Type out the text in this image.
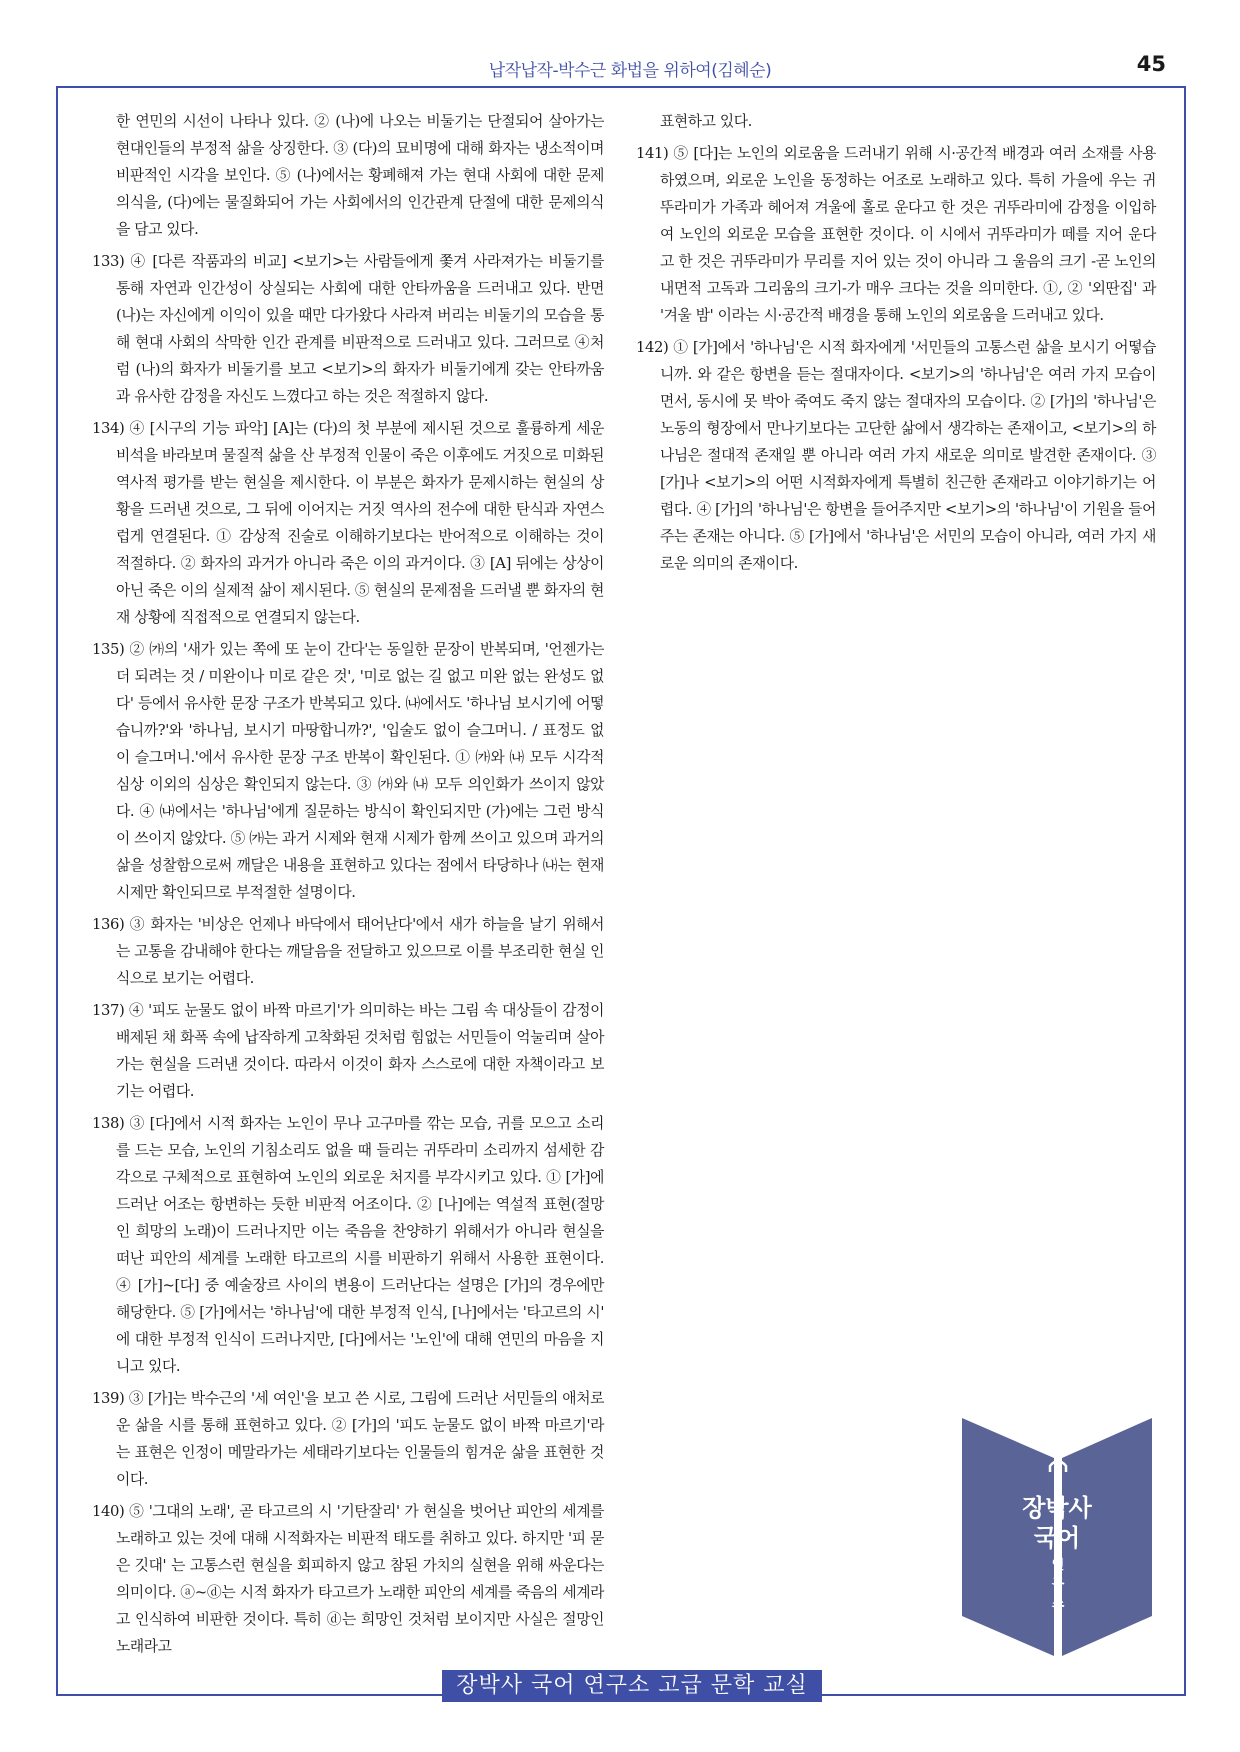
납작납작-박수근 화법을 위하여(김혜순)	45

한 연민의 시선이 나타나 있다. ② (나)에 나오는 비둘기는 단절되어 살아가는 현대인들의 부정적 삶을 상징한다. ③ (다)의 묘비명에 대해 화자는 냉소적이며 비판적인 시각을 보인다. ⑤ (나)에서는 황폐해져 가는 현대 사회에 대한 문제의식을, (다)에는 물질화되어 가는 사회에서의 인간관계 단절에 대한 문제의식을 담고 있다.

133) ④ [다른 작품과의 비교] <보기>는 사람들에게 쫓겨 사라져가는 비둘기를 통해 자연과 인간성이 상실되는 사회에 대한 안타까움을 드러내고 있다. 반면 (나)는 자신에게 이익이 있을 때만 다가왔다 사라져 버리는 비둘기의 모습을 통해 현대 사회의 삭막한 인간 관계를 비판적으로 드러내고 있다. 그러므로 ④처럼 (나)의 화자가 비둘기를 보고 <보기>의 화자가 비둘기에게 갖는 안타까움과 유사한 감정을 자신도 느꼈다고 하는 것은 적절하지 않다.

134) ④ [시구의 기능 파악] [A]는 (다)의 첫 부분에 제시된 것으로 훌륭하게 세운 비석을 바라보며 물질적 삶을 산 부정적 인물이 죽은 이후에도 거짓으로 미화된 역사적 평가를 받는 현실을 제시한다. 이 부분은 화자가 문제시하는 현실의 상황을 드러낸 것으로, 그 뒤에 이어지는 거짓 역사의 전수에 대한 탄식과 자연스럽게 연결된다. ① 감상적 진술로 이해하기보다는 반어적으로 이해하는 것이 적절하다. ② 화자의 과거가 아니라 죽은 이의 과거이다. ③ [A] 뒤에는 상상이 아닌 죽은 이의 실제적 삶이 제시된다. ⑤ 현실의 문제점을 드러낼 뿐 화자의 현재 상황에 직접적으로 연결되지 않는다.

135) ② ㈎의 '새가 있는 쪽에 또 눈이 간다'는 동일한 문장이 반복되며, '언젠가는 더 되려는 것 / 미완이나 미로 같은 것', '미로 없는 길 없고 미완 없는 완성도 없다' 등에서 유사한 문장 구조가 반복되고 있다. ㈏에서도 '하나님 보시기에 어떻습니까?'와 '하나님, 보시기 마땅합니까?', '입술도 없이 슬그머니. / 표정도 없이 슬그머니.'에서 유사한 문장 구조 반복이 확인된다. ① ㈎와 ㈏ 모두 시각적 심상 이외의 심상은 확인되지 않는다. ③ ㈎와 ㈏ 모두 의인화가 쓰이지 않았다. ④ ㈏에서는 '하나님'에게 질문하는 방식이 확인되지만 (가)에는 그런 방식이 쓰이지 않았다. ⑤ ㈎는 과거 시제와 현재 시제가 함께 쓰이고 있으며 과거의 삶을 성찰함으로써 깨달은 내용을 표현하고 있다는 점에서 타당하나 ㈏는 현재 시제만 확인되므로 부적절한 설명이다.

136) ③ 화자는 '비상은 언제나 바닥에서 태어난다'에서 새가 하늘을 날기 위해서는 고통을 감내해야 한다는 깨달음을 전달하고 있으므로 이를 부조리한 현실 인식으로 보기는 어렵다.

137) ④ '피도 눈물도 없이 바짝 마르기'가 의미하는 바는 그림 속 대상들이 감정이 배제된 채 화폭 속에 납작하게 고착화된 것처럼 힘없는 서민들이 억눌리며 살아가는 현실을 드러낸 것이다. 따라서 이것이 화자 스스로에 대한 자책이라고 보기는 어렵다.

138) ③ [다]에서 시적 화자는 노인이 무나 고구마를 깎는 모습, 귀를 모으고 소리를 드는 모습, 노인의 기침소리도 없을 때 들리는 귀뚜라미 소리까지 섬세한 감각으로 구체적으로 표현하여 노인의 외로운 처지를 부각시키고 있다. ① [가]에 드러난 어조는 항변하는 듯한 비판적 어조이다. ② [나]에는 역설적 표현(절망인 희망의 노래)이 드러나지만 이는 죽음을 찬양하기 위해서가 아니라 현실을 떠난 피안의 세계를 노래한 타고르의 시를 비판하기 위해서 사용한 표현이다. ④ [가]~[다] 중 예술장르 사이의 변용이 드러난다는 설명은 [가]의 경우에만 해당한다. ⑤ [가]에서는 '하나님'에 대한 부정적 인식, [나]에서는 '타고르의 시' 에 대한 부정적 인식이 드러나지만, [다]에서는 '노인'에 대해 연민의 마음을 지니고 있다.

139) ③ [가]는 박수근의 '세 여인'을 보고 쓴 시로, 그림에 드러난 서민들의 애처로운 삶을 시를 통해 표현하고 있다. ② [가]의 '피도 눈물도 없이 바짝 마르기'라는 표현은 인정이 메말라가는 세태라기보다는 인물들의 힘겨운 삶을 표현한 것이다.

140) ⑤ '그대의 노래', 곧 타고르의 시 '기탄잘리' 가 현실을 벗어난 피안의 세계를 노래하고 있는 것에 대해 시적화자는 비판적 태도를 취하고 있다. 하지만 '피 묻은 깃대' 는 고통스런 현실을 회피하지 않고 참된 가치의 실현을 위해 싸운다는 의미이다. ⓐ~ⓓ는 시적 화자가 타고르가 노래한 피안의 세계를 죽음의 세계라고 인식하여 비판한 것이다. 특히 ⓓ는 희망인 것처럼 보이지만 사실은 절망인 노래라고

표현하고 있다.

141) ⑤ [다]는 노인의 외로움을 드러내기 위해 시·공간적 배경과 여러 소재를 사용하였으며, 외로운 노인을 동정하는 어조로 노래하고 있다. 특히 가을에 우는 귀뚜라미가 가족과 헤어져 겨울에 홀로 운다고 한 것은 귀뚜라미에 감정을 이입하여 노인의 외로운 모습을 표현한 것이다. 이 시에서 귀뚜라미가 떼를 지어 운다고 한 것은 귀뚜라미가 무리를 지어 있는 것이 아니라 그 울음의 크기 -곧 노인의 내면적 고독과 그리움의 크기-가 매우 크다는 것을 의미한다. ①, ② '외딴집' 과 '겨울 밤' 이라는 시·공간적 배경을 통해 노인의 외로움을 드러내고 있다.

142) ① [가]에서 '하나님'은 시적 화자에게 '서민들의 고통스런 삶을 보시기 어떻습니까. 와 같은 항변을 듣는 절대자이다. <보기>의 '하나님'은 여러 가지 모습이면서, 동시에 못 박아 죽여도 죽지 않는 절대자의 모습이다. ② [가]의 '하나님'은 노동의 형장에서 만나기보다는 고단한 삶에서 생각하는 존재이고, <보기>의 하나님은 절대적 존재일 뿐 아니라 여러 가지 새로운 의미로 발견한 존재이다. ③ [가]나 <보기>의 어떤 시적화자에게 특별히 친근한 존재라고 이야기하기는 어렵다. ④ [가]의 '하나님'은 항변을 들어주지만 <보기>의 '하나님'이 기원을 들어 주는 존재는 아니다. ⑤ [가]에서 '하나님'은 서민의 모습이 아니라, 여러 가지 새로운 의미의 존재이다.

장박사
국어
연구소
장박사 국어 연구소 고급 문학 교실
